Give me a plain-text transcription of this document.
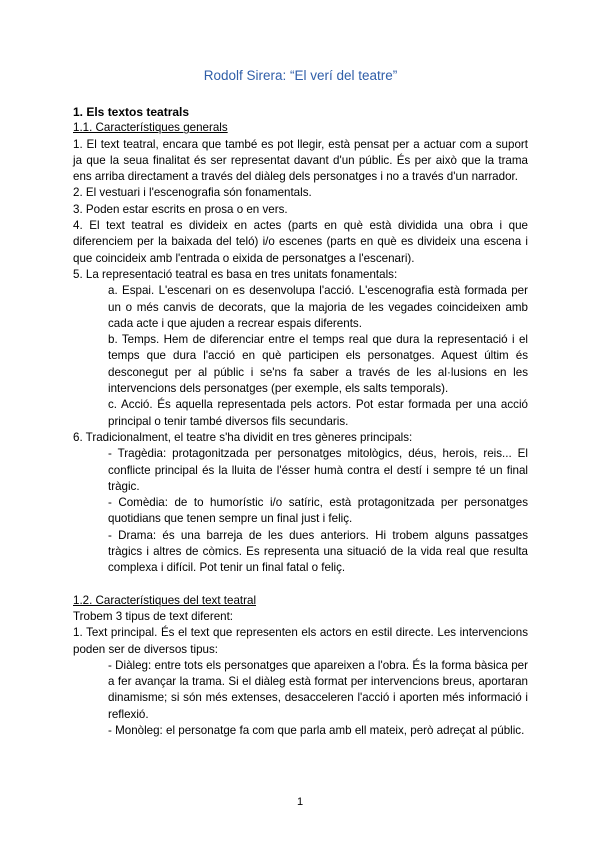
Rodolf Sirera: “El verí del teatre”

1. Els textos teatrals

1.1. Característiques generals

1. El text teatral, encara que també es pot llegir, està pensat per a actuar com a suport ja que la seua finalitat és ser representat davant d'un públic. És per això que la trama ens arriba directament a través del diàleg dels personatges i no a través d'un narrador.

2. El vestuari i l'escenografia són fonamentals.

3. Poden estar escrits en prosa o en vers.

4. El text teatral es divideix en actes (parts en què està dividida una obra i que diferenciem per la baixada del teló) i/o escenes (parts en què es divideix una escena i que coincideix amb l'entrada o eixida de personatges a l'escenari).

5. La representació teatral es basa en tres unitats fonamentals:

a. Espai. L'escenari on es desenvolupa l'acció. L'escenografia està formada per un o més canvis de decorats, que la majoria de les vegades coincideixen amb cada acte i que ajuden a recrear espais diferents.

b. Temps. Hem de diferenciar entre el temps real que dura la representació i el temps que dura l'acció en què participen els personatges. Aquest últim és desconegut per al públic i se'ns fa saber a través de les al·lusions en les intervencions dels personatges (per exemple, els salts temporals).

c. Acció. És aquella representada pels actors. Pot estar formada per una acció principal o tenir també diversos fils secundaris.

6. Tradicionalment, el teatre s'ha dividit en tres gèneres principals:

- Tragèdia: protagonitzada per personatges mitològics, déus, herois, reis... El conflicte principal és la lluita de l'ésser humà contra el destí i sempre té un final tràgic.

- Comèdia: de to humorístic i/o satíric, està protagonitzada per personatges quotidians que tenen sempre un final just i feliç.

- Drama: és una barreja de les dues anteriors. Hi trobem alguns passatges tràgics i altres de còmics. Es representa una situació de la vida real que resulta complexa i difícil. Pot tenir un final fatal o feliç.

1.2. Característiques del text teatral

Trobem 3 tipus de text diferent:

1. Text principal. És el text que representen els actors en estil directe. Les intervencions poden ser de diversos tipus:

- Diàleg: entre tots els personatges que apareixen a l'obra. És la forma bàsica per a fer avançar la trama. Si el diàleg està format per intervencions breus, aportaran dinamisme; si són més extenses, desacceleren l'acció i aporten més informació i reflexió.

- Monòleg: el personatge fa com que parla amb ell mateix, però adreçat al públic.

1
